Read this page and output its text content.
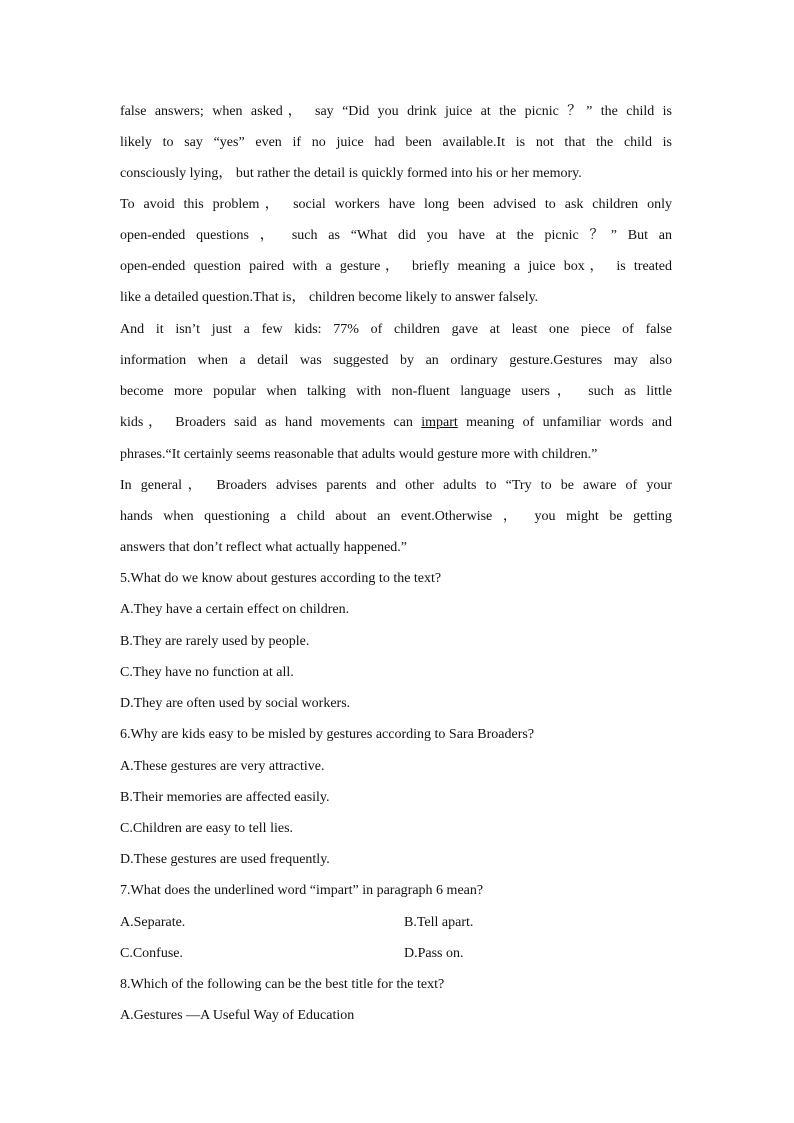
false answers; when asked， say “Did you drink juice at the picnic ？” the child is
likely to say “yes” even if no juice had been available.It is not that the child is
consciously lying， but rather the detail is quickly formed into his or her memory.
To avoid this problem， social workers have long been advised to ask children only
open-ended questions ， such as “What did you have at the picnic ？” But an
open-ended question paired with a gesture， briefly meaning a juice box， is treated
like a detailed question.That is， children become likely to answer falsely.
And it isn’t just a few kids: 77% of children gave at least one piece of false
information when a detail was suggested by an ordinary gesture.Gestures may also
become more popular when talking with non-fluent language users， such as little
kids， Broaders said as hand movements can impart meaning of unfamiliar words and
phrases.“It certainly seems reasonable that adults would gesture more with children.”
In general， Broaders advises parents and other adults to “Try to be aware of your
hands when questioning a child about an event.Otherwise ， you might be getting
answers that don’t reflect what actually happened.”
5.What do we know about gestures according to the text?
A.They have a certain effect on children.
B.They are rarely used by people.
C.They have no function at all.
D.They are often used by social workers.
6.Why are kids easy to be misled by gestures according to Sara Broaders?
A.These gestures are very attractive.
B.Their memories are affected easily.
C.Children are easy to tell lies.
D.These gestures are used frequently.
7.What does the underlined word “impart” in paragraph 6 mean?
A.Separate.	B.Tell apart.
C.Confuse.	D.Pass on.
8.Which of the following can be the best title for the text?
A.Gestures —A Useful Way of Education
